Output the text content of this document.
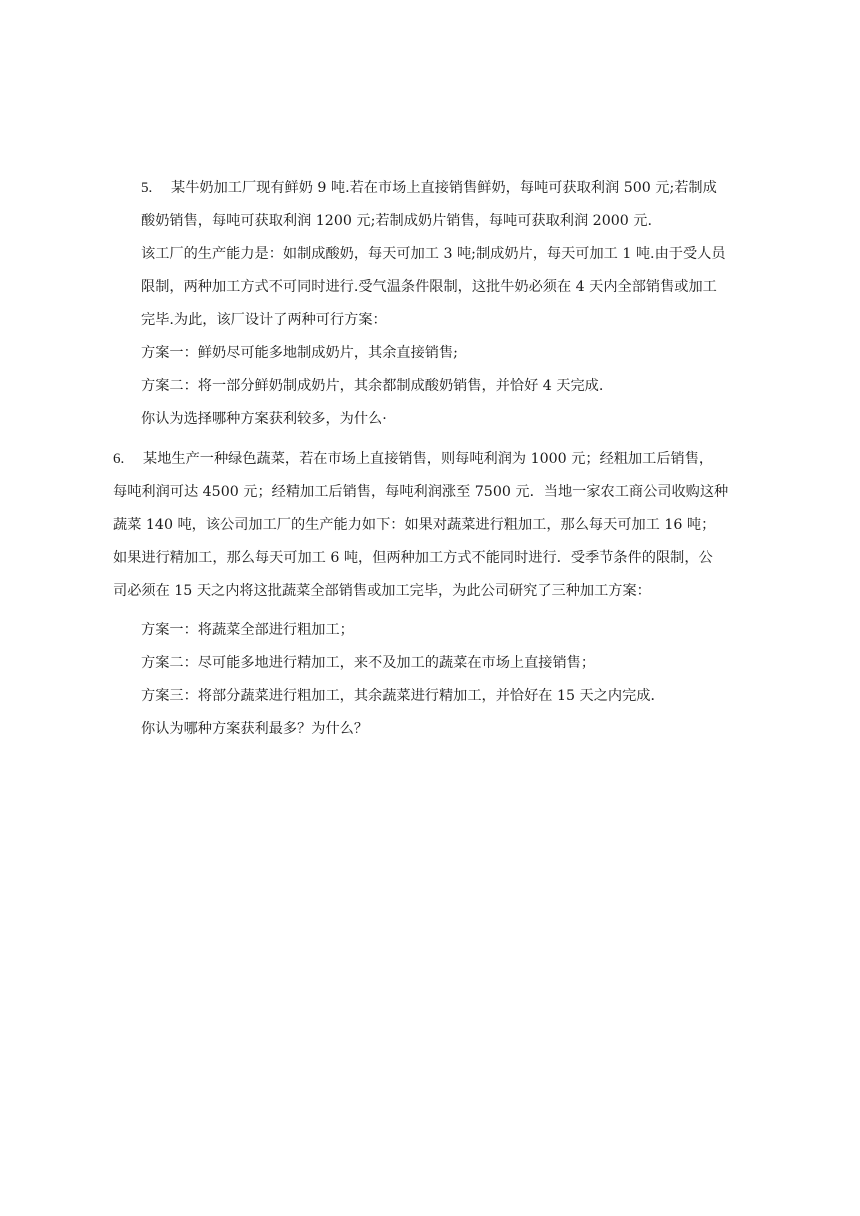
5. 某牛奶加工厂现有鲜奶 9 吨.若在市场上直接销售鲜奶，每吨可获取利润 500 元;若制成
酸奶销售，每吨可获取利润 1200 元;若制成奶片销售，每吨可获取利润 2000 元.
该工厂的生产能力是：如制成酸奶，每天可加工 3 吨;制成奶片，每天可加工 1 吨.由于受人员
限制，两种加工方式不可同时进行.受气温条件限制，这批牛奶必须在 4 天内全部销售或加工
完毕.为此，该厂设计了两种可行方案：
方案一：鲜奶尽可能多地制成奶片，其余直接销售;
方案二：将一部分鲜奶制成奶片，其余都制成酸奶销售，并恰好 4 天完成.
你认为选择哪种方案获利较多，为什么·
6. 某地生产一种绿色蔬菜，若在市场上直接销售，则每吨利润为 1000 元；经粗加工后销售，
每吨利润可达 4500 元；经精加工后销售，每吨利润涨至 7500 元．当地一家农工商公司收购这种
蔬菜 140 吨，该公司加工厂的生产能力如下：如果对蔬菜进行粗加工，那么每天可加工 16 吨；
如果进行精加工，那么每天可加工 6 吨，但两种加工方式不能同时进行．受季节条件的限制，公
司必须在 15 天之内将这批蔬菜全部销售或加工完毕，为此公司研究了三种加工方案：
方案一：将蔬菜全部进行粗加工；
方案二：尽可能多地进行精加工，来不及加工的蔬菜在市场上直接销售；
方案三：将部分蔬菜进行粗加工，其余蔬菜进行精加工，并恰好在 15 天之内完成．
你认为哪种方案获利最多？为什么？
